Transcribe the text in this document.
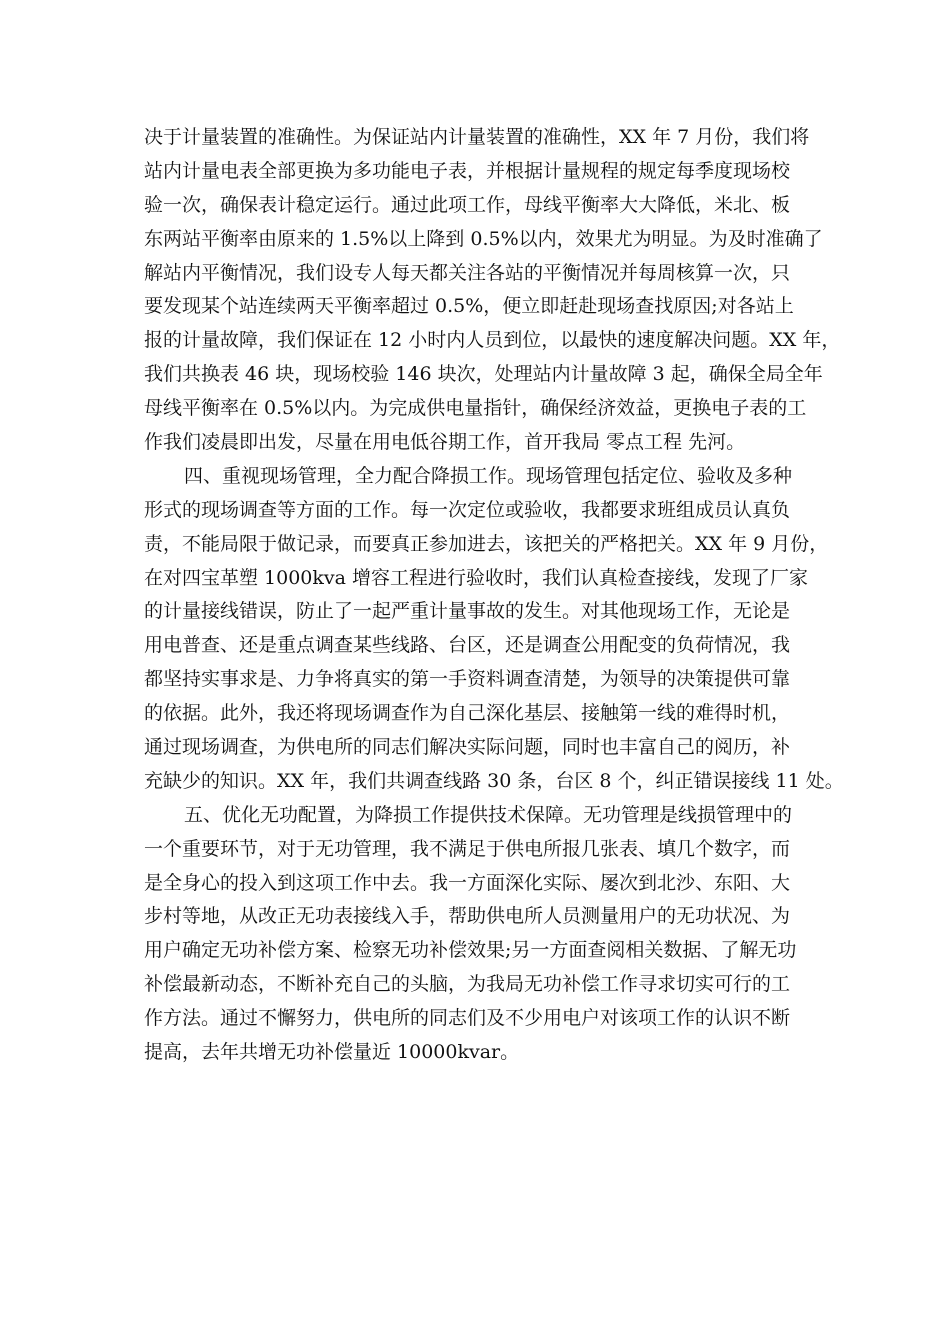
决于计量装置的准确性。为保证站内计量装置的准确性，XX 年 7 月份，我们将
站内计量电表全部更换为多功能电子表，并根据计量规程的规定每季度现场校
验一次，确保表计稳定运行。通过此项工作，母线平衡率大大降低，米北、板
东两站平衡率由原来的 1.5%以上降到 0.5%以内，效果尤为明显。为及时准确了
解站内平衡情况，我们设专人每天都关注各站的平衡情况并每周核算一次，只
要发现某个站连续两天平衡率超过 0.5%，便立即赶赴现场查找原因;对各站上
报的计量故障，我们保证在 12 小时内人员到位，以最快的速度解决问题。XX 年，
我们共换表 46 块，现场校验 146 块次，处理站内计量故障 3 起，确保全局全年
母线平衡率在 0.5%以内。为完成供电量指针，确保经济效益，更换电子表的工
作我们凌晨即出发，尽量在用电低谷期工作，首开我局 零点工程 先河。
四、重视现场管理，全力配合降损工作。现场管理包括定位、验收及多种
形式的现场调查等方面的工作。每一次定位或验收，我都要求班组成员认真负
责，不能局限于做记录，而要真正参加进去，该把关的严格把关。XX 年 9 月份，
在对四宝革塑 1000kva 增容工程进行验收时，我们认真检查接线，发现了厂家
的计量接线错误，防止了一起严重计量事故的发生。对其他现场工作，无论是
用电普查、还是重点调查某些线路、台区，还是调查公用配变的负荷情况，我
都坚持实事求是、力争将真实的第一手资料调查清楚，为领导的决策提供可靠
的依据。此外，我还将现场调查作为自己深化基层、接触第一线的难得时机，
通过现场调查，为供电所的同志们解决实际问题，同时也丰富自己的阅历，补
充缺少的知识。XX 年，我们共调查线路 30 条，台区 8 个，纠正错误接线 11 处。
五、优化无功配置，为降损工作提供技术保障。无功管理是线损管理中的
一个重要环节，对于无功管理，我不满足于供电所报几张表、填几个数字，而
是全身心的投入到这项工作中去。我一方面深化实际、屡次到北沙、东阳、大
步村等地，从改正无功表接线入手，帮助供电所人员测量用户的无功状况、为
用户确定无功补偿方案、检察无功补偿效果;另一方面查阅相关数据、了解无功
补偿最新动态，不断补充自己的头脑，为我局无功补偿工作寻求切实可行的工
作方法。通过不懈努力，供电所的同志们及不少用电户对该项工作的认识不断
提高，去年共增无功补偿量近 10000kvar。
